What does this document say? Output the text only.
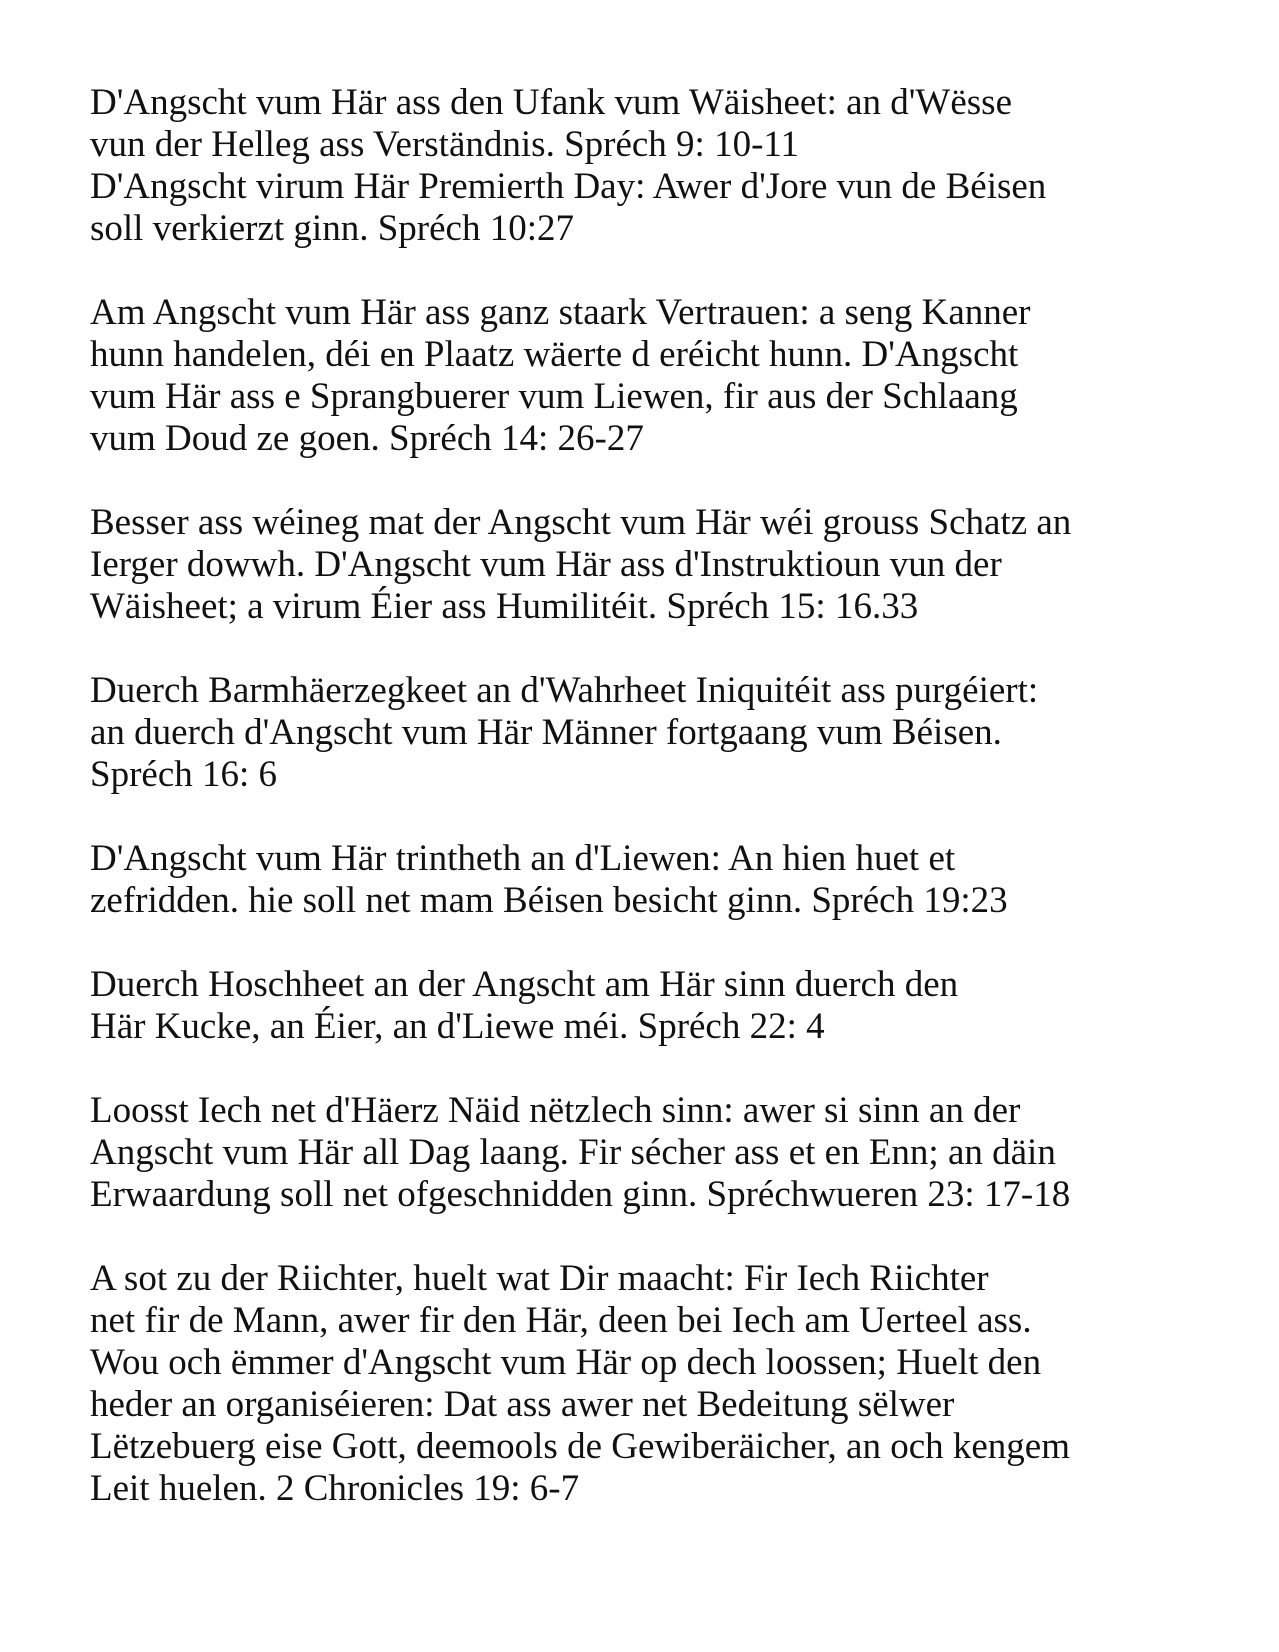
D'Angscht vum Här ass den Ufank vum Wäisheet: an d'Wësse
vun der Helleg ass Verständnis. Spréch 9: 10-11
D'Angscht virum Här Premierth Day: Awer d'Jore vun de Béisen
soll verkierzt ginn. Spréch 10:27
Am Angscht vum Här ass ganz staark Vertrauen: a seng Kanner
hunn handelen, déi en Plaatz wäerte d eréicht hunn. D'Angscht
vum Här ass e Sprangbuerer vum Liewen, fir aus der Schlaang
vum Doud ze goen. Spréch 14: 26-27
Besser ass wéineg mat der Angscht vum Här wéi grouss Schatz an
Ierger dowwh. D'Angscht vum Här ass d'Instruktioun vun der
Wäisheet; a virum Éier ass Humilitéit. Spréch 15: 16.33
Duerch Barmhäerzegkeet an d'Wahrheet Iniquitéit ass purgéiert:
an duerch d'Angscht vum Här Männer fortgaang vum Béisen.
Spréch 16: 6
D'Angscht vum Här trintheth an d'Liewen: An hien huet et
zefridden. hie soll net mam Béisen besicht ginn. Spréch 19:23
Duerch Hoschheet an der Angscht am Här sinn duerch den
Här Kucke, an Éier, an d'Liewe méi. Spréch 22: 4
Loosst Iech net d'Häerz Näid nëtzlech sinn: awer si sinn an der
Angscht vum Här all Dag laang. Fir sécher ass et en Enn; an däin
Erwaardung soll net ofgeschnidden ginn. Spréchwueren 23: 17-18
A sot zu der Riichter, huelt wat Dir maacht: Fir Iech Riichter
net fir de Mann, awer fir den Här, deen bei Iech am Uerteel ass.
Wou och ëmmer d'Angscht vum Här op dech loossen; Huelt den
heder an organiséieren: Dat ass awer net Bedeitung sëlwer
Lëtzebuerg eise Gott, deemools de Gewiberäicher, an och kengem
Leit huelen. 2 Chronicles 19: 6-7
